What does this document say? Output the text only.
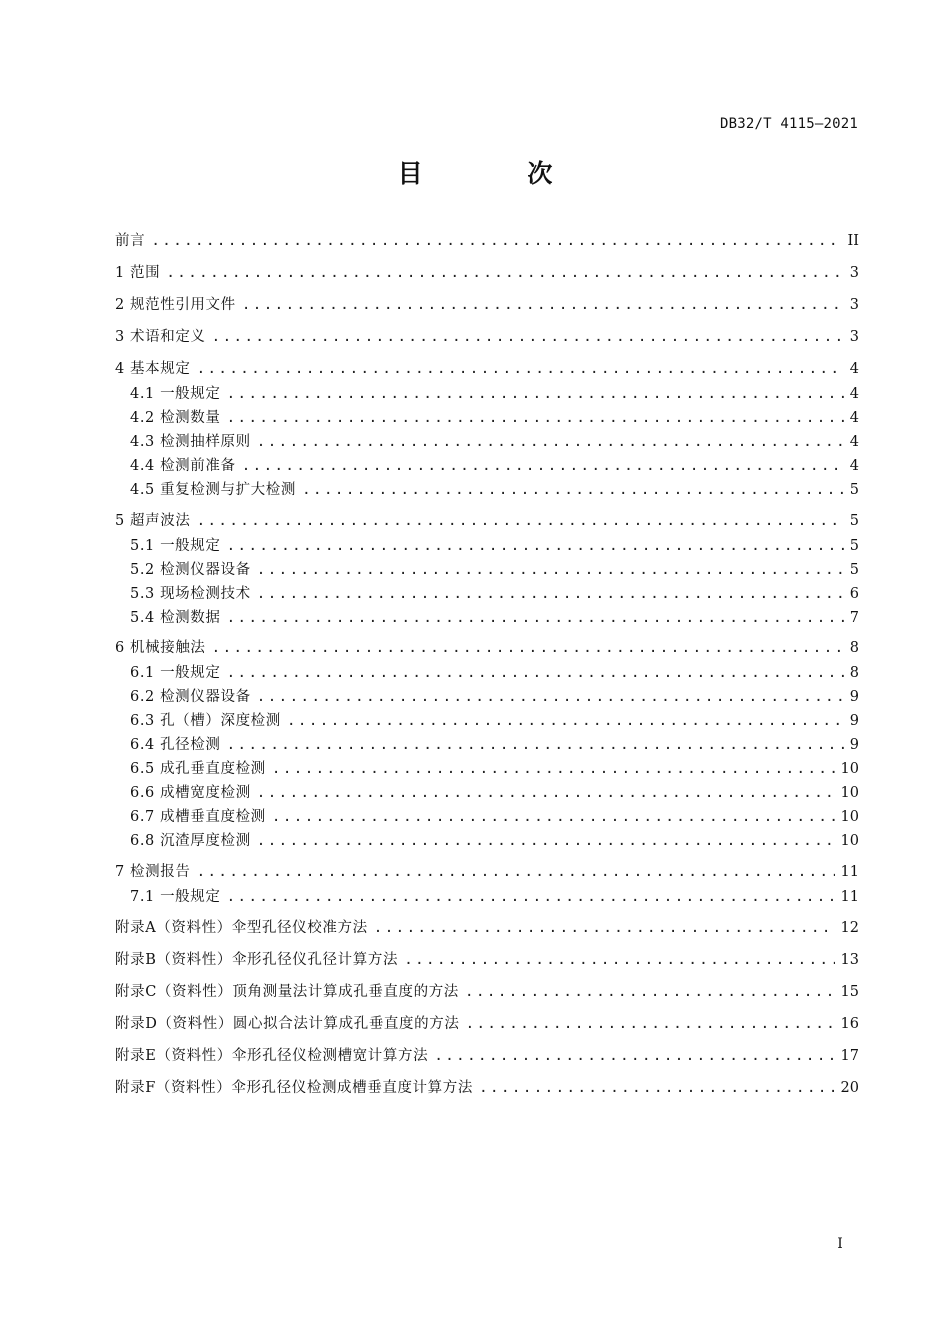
DB32/T 4115—2021
目 次
前言 .....	II
1 范围 .....	3
2 规范性引用文件 .....	3
3 术语和定义 .....	3
4 基本规定 .....	4
4.1 一般规定 .....	4
4.2 检测数量 .....	4
4.3 检测抽样原则 .....	4
4.4 检测前准备 .....	4
4.5 重复检测与扩大检测 .....	5
5 超声波法 .....	5
5.1 一般规定 .....	5
5.2 检测仪器设备 .....	5
5.3 现场检测技术 .....	6
5.4 检测数据 .....	7
6 机械接触法 .....	8
6.1 一般规定 .....	8
6.2 检测仪器设备 .....	9
6.3 孔（槽）深度检测 .....	9
6.4 孔径检测 .....	9
6.5 成孔垂直度检测 .....	10
6.6 成槽宽度检测 .....	10
6.7 成槽垂直度检测 .....	10
6.8 沉渣厚度检测 .....	10
7 检测报告 .....	11
7.1 一般规定 .....	11
附录A（资料性）伞型孔径仪校准方法 .....	12
附录B（资料性）伞形孔径仪孔径计算方法 .....	13
附录C（资料性）顶角测量法计算成孔垂直度的方法 .....	15
附录D（资料性）圆心拟合法计算成孔垂直度的方法 .....	16
附录E（资料性）伞形孔径仪检测槽宽计算方法 .....	17
附录F（资料性）伞形孔径仪检测成槽垂直度计算方法 .....	20
I
